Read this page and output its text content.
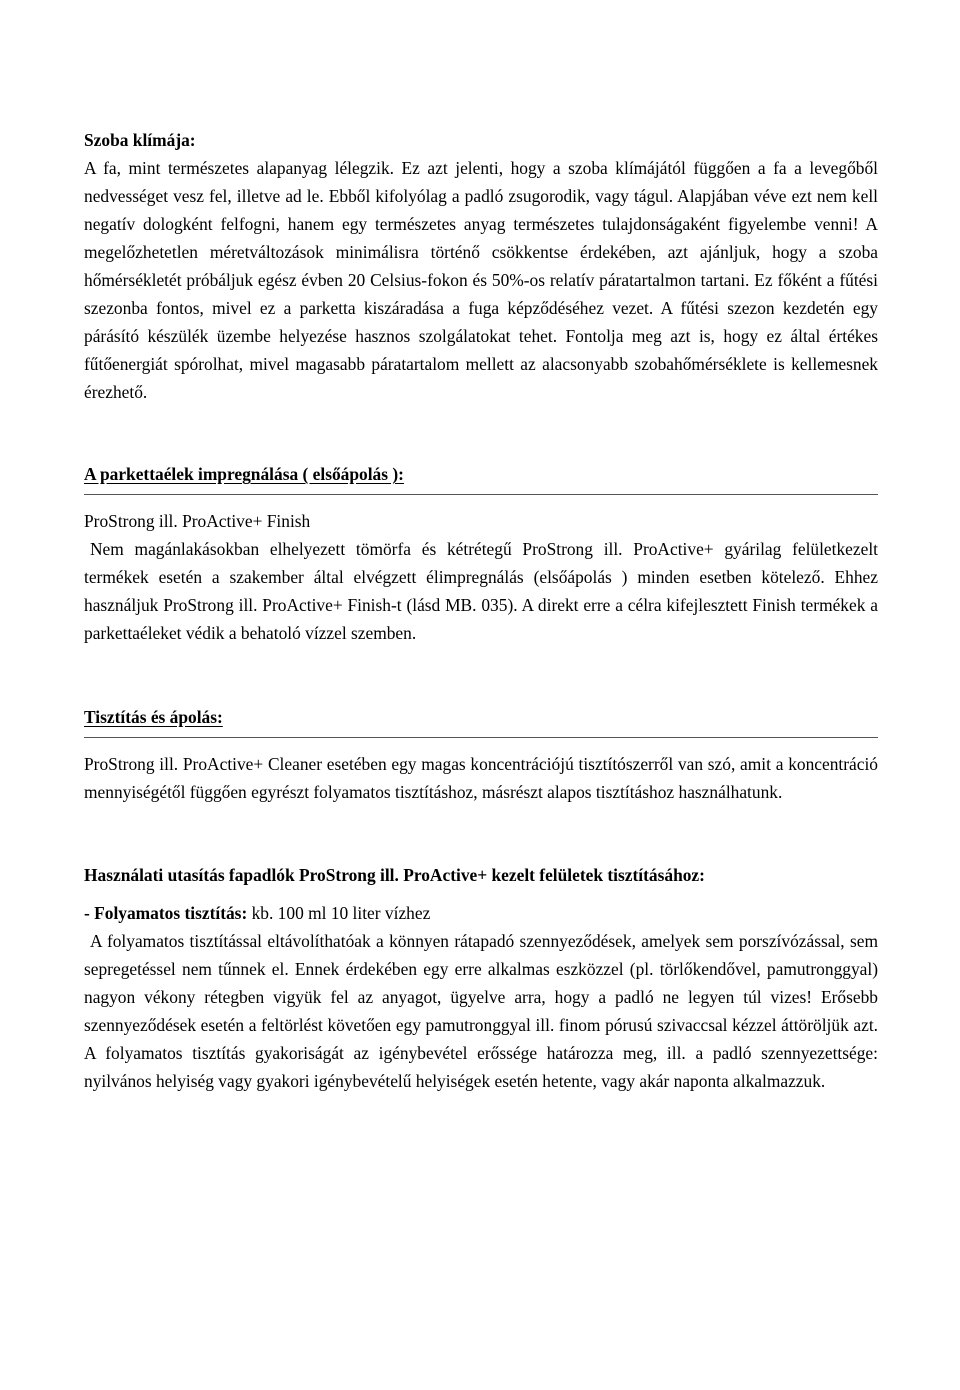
Szoba klímája:

A fa, mint természetes alapanyag lélegzik. Ez azt jelenti, hogy a szoba klímájától függően a fa a levegőből nedvességet vesz fel, illetve ad le. Ebből kifolyólag a padló zsugorodik, vagy tágul. Alapjában véve ezt nem kell negatív dologként felfogni, hanem egy természetes anyag természetes tulajdonságaként figyelembe venni! A megelőzhetetlen méretváltozások minimálisra történő csökkentse érdekében, azt ajánljuk, hogy a szoba hőmérsékletét próbáljuk egész évben 20 Celsius-fokon és 50%-os relatív páratartalmon tartani. Ez főként a fűtési szezonba fontos, mivel ez a parketta kiszáradása a fuga képződéséhez vezet. A fűtési szezon kezdetén egy párásító készülék üzembe helyezése hasznos szolgálatokat tehet. Fontolja meg azt is, hogy ez által értékes fűtőenergiát spórolhat, mivel magasabb páratartalom mellett az alacsonyabb szobahőmérséklete is kellemesnek érezhető.

A parkettaélek impregnálása ( elsőápolás ):

ProStrong ill. ProActive+ Finish

Nem magánlakásokban elhelyezett tömörfa és kétrétegű ProStrong ill. ProActive+ gyárilag felületkezelt termékek esetén a szakember által elvégzett élimpregnálás (elsőápolás ) minden esetben kötelező. Ehhez használjuk ProStrong ill. ProActive+ Finish-t (lásd MB. 035). A direkt erre a célra kifejlesztett Finish termékek a parkettaéleket védik a behatoló vízzel szemben.

Tisztítás és ápolás:

ProStrong ill. ProActive+ Cleaner esetében egy magas koncentrációjú tisztítószerről van szó, amit a koncentráció mennyiségétől függően egyrészt folyamatos tisztításhoz, másrészt alapos tisztításhoz használhatunk.

Használati utasítás fapadlók ProStrong ill. ProActive+ kezelt felületek tisztításához:

- Folyamatos tisztítás: kb. 100 ml 10 liter vízhez

A folyamatos tisztítással eltávolíthatóak a könnyen rátapadó szennyeződések, amelyek sem porszívózással, sem sepregetéssel nem tűnnek el. Ennek érdekében egy erre alkalmas eszközzel (pl. törlőkendővel, pamutronggyal) nagyon vékony rétegben vigyük fel az anyagot, ügyelve arra, hogy a padló ne legyen túl vizes! Erősebb szennyeződések esetén a feltörlést követően egy pamutronggyal ill. finom pórusú szivaccsal kézzel áttöröljük azt. A folyamatos tisztítás gyakoriságát az igénybevétel erőssége határozza meg, ill. a padló szennyezettsége: nyilvános helyiség vagy gyakori igénybevételű helyiségek esetén hetente, vagy akár naponta alkalmazzuk.
